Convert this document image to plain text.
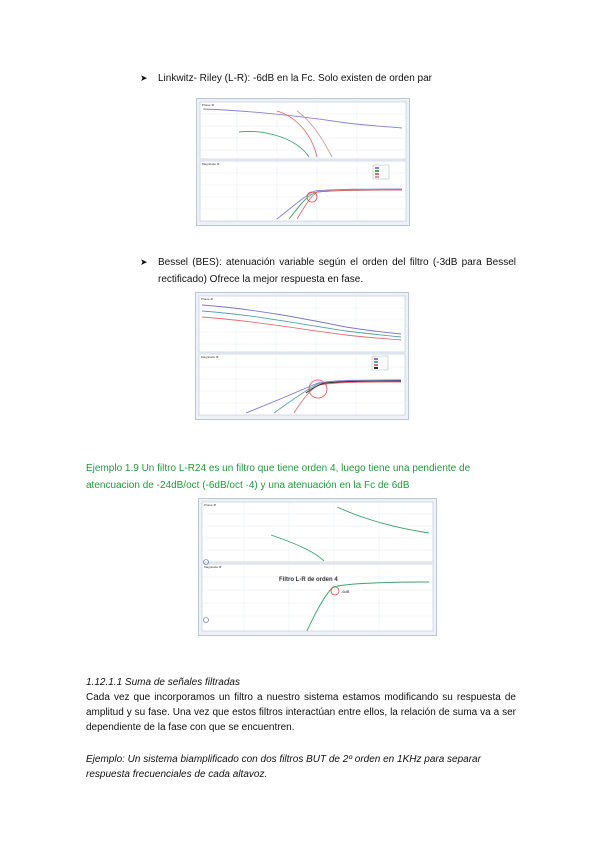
➤ Linkwitz- Riley (L-R): -6dB en la Fc. Solo existen de orden par
Phase ⚙
Magnitude ⚙
➤ Bessel (BES): atenuación variable según el orden del filtro (-3dB para Bessel rectificado) Ofrece la mejor respuesta en fase.
Phase ⚙
Magnitude ⚙
Ejemplo 1.9 Un filtro L-R24 es un filtro que tiene orden 4, luego tiene una pendiente de atencuacion de -24dB/oct (-6dB/oct ·4) y una atenuación en la Fc de 6dB
Filtro L-R de orden 4
-6dB
Phase ⚙
Magnitude ⚙
1.12.1.1 Suma de señales filtradas
Cada vez que incorporamos un filtro a nuestro sistema estamos modificando su respuesta de amplitud y su fase. Una vez que estos filtros interactúan entre ellos, la relación de suma va a ser dependiente de la fase con que se encuentren.
Ejemplo: Un sistema biamplificado con dos filtros BUT de 2º orden en 1KHz para separar respuesta frecuenciales de cada altavoz.
